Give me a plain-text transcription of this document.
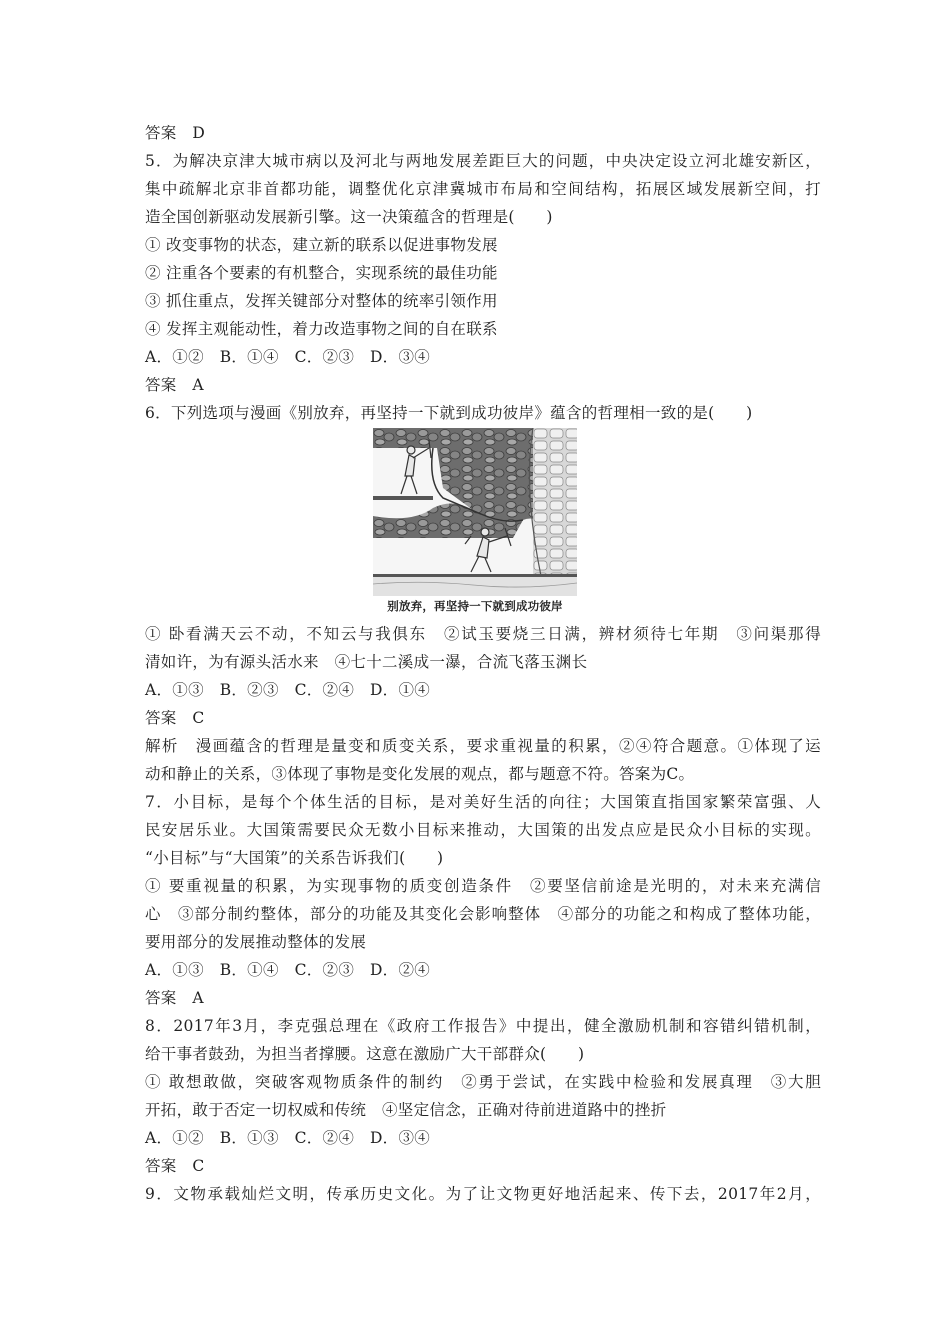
答案　D
5．为解决京津大城市病以及河北与两地发展差距巨大的问题，中央决定设立河北雄安新区，
集中疏解北京非首都功能，调整优化京津冀城市布局和空间结构，拓展区域发展新空间，打
造全国创新驱动发展新引擎。这一决策蕴含的哲理是(　　)
① 改变事物的状态，建立新的联系以促进事物发展
② 注重各个要素的有机整合，实现系统的最佳功能
③ 抓住重点，发挥关键部分对整体的统率引领作用
④ 发挥主观能动性，着力改造事物之间的自在联系
A．①②　B．①④　C．②③　D．③④
答案　A
6．下列选项与漫画《别放弃，再坚持一下就到成功彼岸》蕴含的哲理相一致的是(　　)
别放弃，再坚持一下就到成功彼岸
① 卧看满天云不动，不知云与我俱东　②试玉要烧三日满，辨材须待七年期　③问渠那得
清如许，为有源头活水来　④七十二溪成一瀑，合流飞落玉渊长
A．①③　B．②③　C．②④　D．①④
答案　C
解析　漫画蕴含的哲理是量变和质变关系，要求重视量的积累，②④符合题意。①体现了运
动和静止的关系，③体现了事物是变化发展的观点，都与题意不符。答案为C。
7．小目标，是每个个体生活的目标，是对美好生活的向往；大国策直指国家繁荣富强、人
民安居乐业。大国策需要民众无数小目标来推动，大国策的出发点应是民众小目标的实现。
“小目标”与“大国策”的关系告诉我们(　　)
① 要重视量的积累，为实现事物的质变创造条件　②要坚信前途是光明的，对未来充满信
心　③部分制约整体，部分的功能及其变化会影响整体　④部分的功能之和构成了整体功能，
要用部分的发展推动整体的发展
A．①③　B．①④　C．②③　D．②④
答案　A
8．2017年3月，李克强总理在《政府工作报告》中提出，健全激励机制和容错纠错机制，
给干事者鼓劲，为担当者撑腰。这意在激励广大干部群众(　　)
① 敢想敢做，突破客观物质条件的制约　②勇于尝试，在实践中检验和发展真理　③大胆
开拓，敢于否定一切权威和传统　④坚定信念，正确对待前进道路中的挫折
A．①②　B．①③　C．②④　D．③④
答案　C
9．文物承载灿烂文明，传承历史文化。为了让文物更好地活起来、传下去，2017年2月，
